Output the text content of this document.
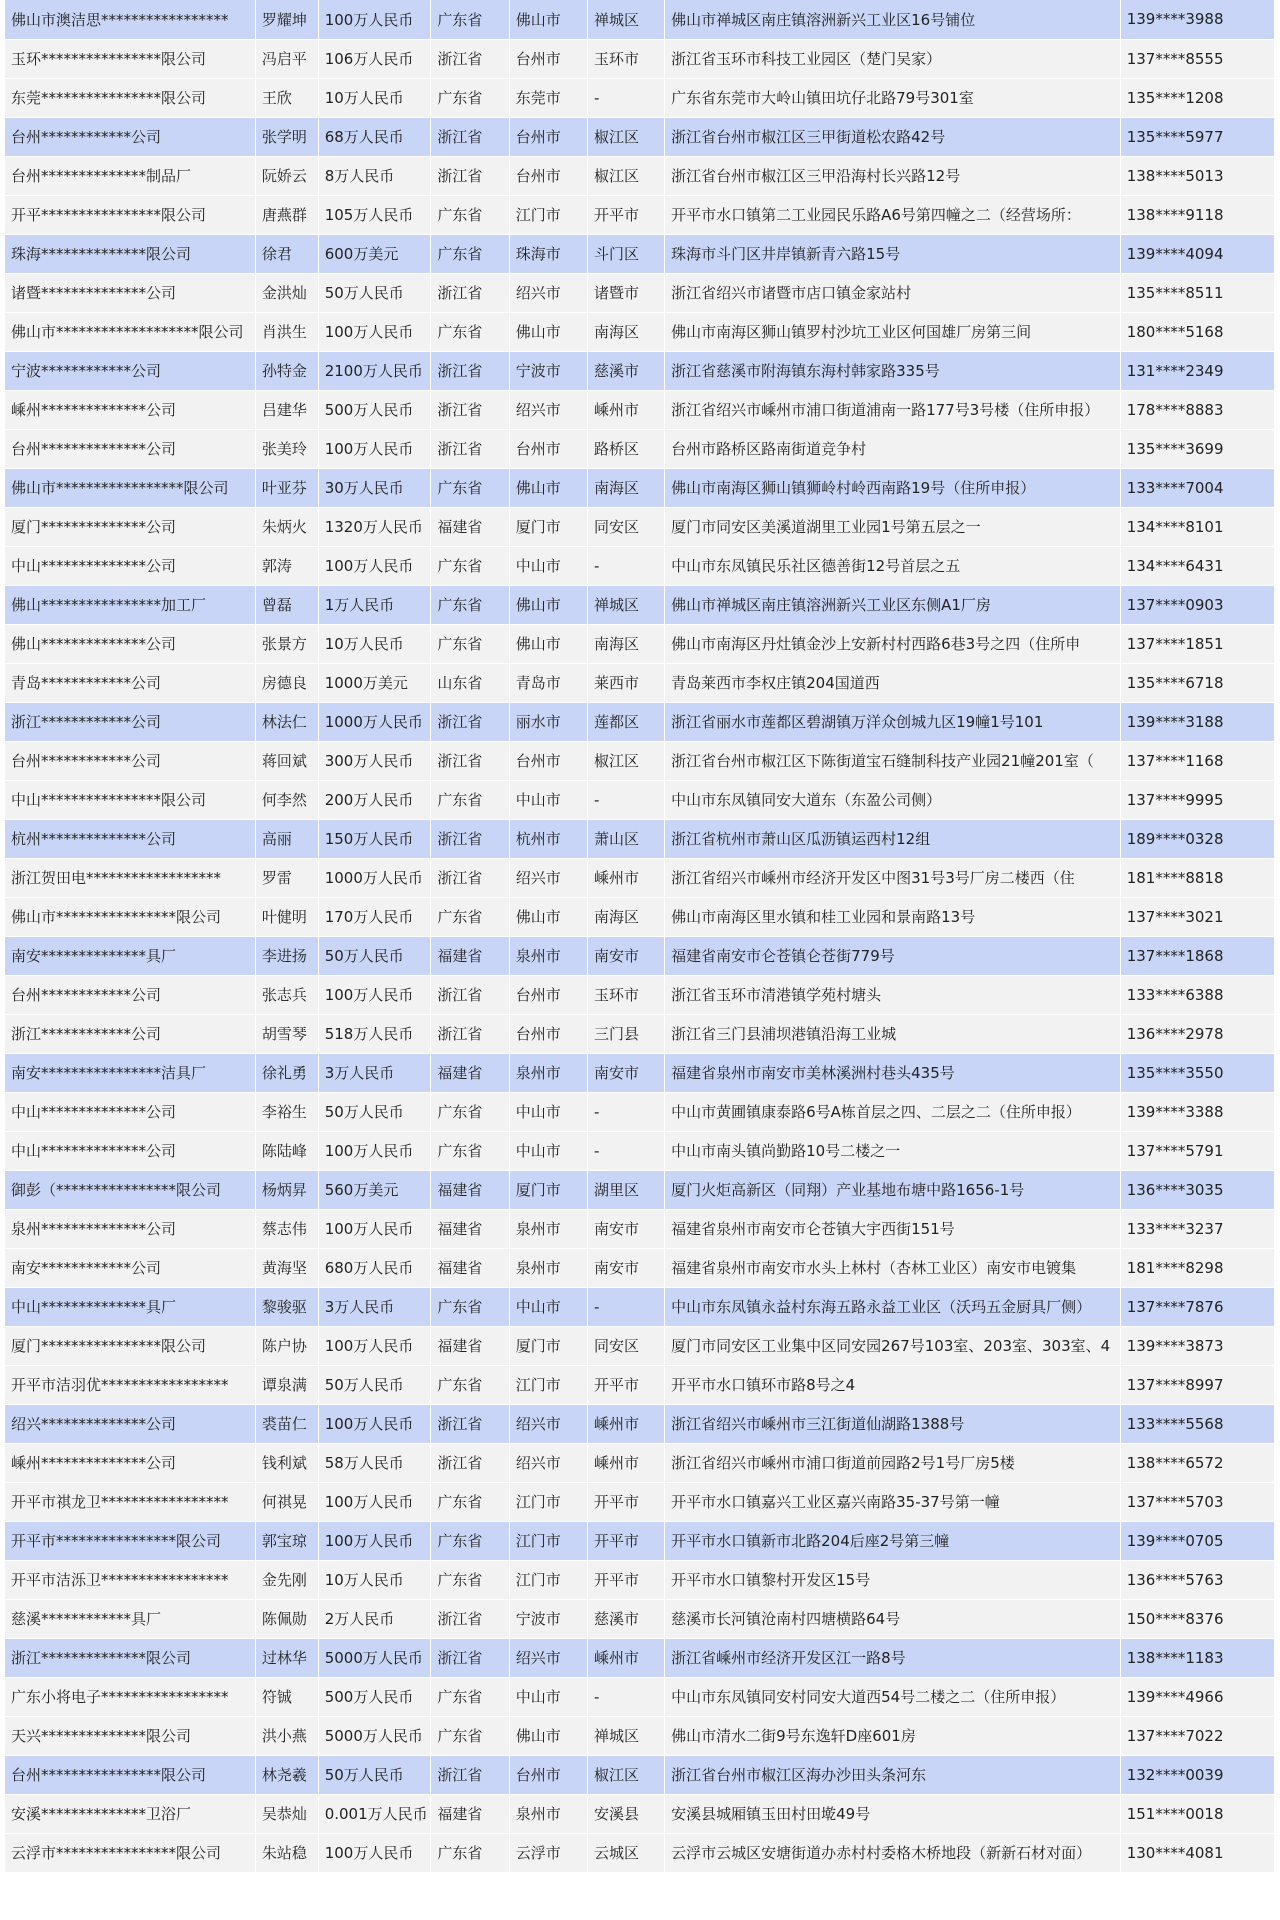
佛山市澳洁思*****************	罗耀坤	100万人民币	广东省	佛山市	禅城区	佛山市禅城区南庄镇溶洲新兴工业区16号铺位	139****3988
玉环****************限公司	冯启平	106万人民币	浙江省	台州市	玉环市	浙江省玉环市科技工业园区（楚门吴家）	137****8555
东莞****************限公司	王欣	10万人民币	广东省	东莞市	-	广东省东莞市大岭山镇田坑仔北路79号301室	135****1208
台州************公司	张学明	68万人民币	浙江省	台州市	椒江区	浙江省台州市椒江区三甲街道松农路42号	135****5977
台州**************制品厂	阮娇云	8万人民币	浙江省	台州市	椒江区	浙江省台州市椒江区三甲沿海村长兴路12号	138****5013
开平****************限公司	唐燕群	105万人民币	广东省	江门市	开平市	开平市水口镇第二工业园民乐路A6号第四幢之二（经营场所：	138****9118
珠海**************限公司	徐君	600万美元	广东省	珠海市	斗门区	珠海市斗门区井岸镇新青六路15号	139****4094
诸暨**************公司	金洪灿	50万人民币	浙江省	绍兴市	诸暨市	浙江省绍兴市诸暨市店口镇金家站村	135****8511
佛山市*******************限公司	肖洪生	100万人民币	广东省	佛山市	南海区	佛山市南海区狮山镇罗村沙坑工业区何国雄厂房第三间	180****5168
宁波************公司	孙特金	2100万人民币	浙江省	宁波市	慈溪市	浙江省慈溪市附海镇东海村韩家路335号	131****2349
嵊州**************公司	吕建华	500万人民币	浙江省	绍兴市	嵊州市	浙江省绍兴市嵊州市浦口街道浦南一路177号3号楼（住所申报）	178****8883
台州**************公司	张美玲	100万人民币	浙江省	台州市	路桥区	台州市路桥区路南街道竞争村	135****3699
佛山市*****************限公司	叶亚芬	30万人民币	广东省	佛山市	南海区	佛山市南海区狮山镇狮岭村岭西南路19号（住所申报）	133****7004
厦门**************公司	朱炳火	1320万人民币	福建省	厦门市	同安区	厦门市同安区美溪道湖里工业园1号第五层之一	134****8101
中山**************公司	郭涛	100万人民币	广东省	中山市	-	中山市东凤镇民乐社区德善街12号首层之五	134****6431
佛山****************加工厂	曾磊	1万人民币	广东省	佛山市	禅城区	佛山市禅城区南庄镇溶洲新兴工业区东侧A1厂房	137****0903
佛山**************公司	张景方	10万人民币	广东省	佛山市	南海区	佛山市南海区丹灶镇金沙上安新村村西路6巷3号之四（住所申	137****1851
青岛************公司	房德良	1000万美元	山东省	青岛市	莱西市	青岛莱西市李权庄镇204国道西	135****6718
浙江************公司	林法仁	1000万人民币	浙江省	丽水市	莲都区	浙江省丽水市莲都区碧湖镇万洋众创城九区19幢1号101	139****3188
台州************公司	蒋回斌	300万人民币	浙江省	台州市	椒江区	浙江省台州市椒江区下陈街道宝石缝制科技产业园21幢201室（	137****1168
中山****************限公司	何李然	200万人民币	广东省	中山市	-	中山市东凤镇同安大道东（东盈公司侧）	137****9995
杭州**************公司	高丽	150万人民币	浙江省	杭州市	萧山区	浙江省杭州市萧山区瓜沥镇运西村12组	189****0328
浙江贺田电******************	罗雷	1000万人民币	浙江省	绍兴市	嵊州市	浙江省绍兴市嵊州市经济开发区中图31号3号厂房二楼西（住	181****8818
佛山市****************限公司	叶健明	170万人民币	广东省	佛山市	南海区	佛山市南海区里水镇和桂工业园和景南路13号	137****3021
南安**************具厂	李进扬	50万人民币	福建省	泉州市	南安市	福建省南安市仑苍镇仑苍街779号	137****1868
台州************公司	张志兵	100万人民币	浙江省	台州市	玉环市	浙江省玉环市清港镇学苑村塘头	133****6388
浙江************公司	胡雪琴	518万人民币	浙江省	台州市	三门县	浙江省三门县浦坝港镇沿海工业城	136****2978
南安****************洁具厂	徐礼勇	3万人民币	福建省	泉州市	南安市	福建省泉州市南安市美林溪洲村巷头435号	135****3550
中山**************公司	李裕生	50万人民币	广东省	中山市	-	中山市黄圃镇康泰路6号A栋首层之四、二层之二（住所申报）	139****3388
中山**************公司	陈陆峰	100万人民币	广东省	中山市	-	中山市南头镇尚勤路10号二楼之一	137****5791
御彭（****************限公司	杨炳昇	560万美元	福建省	厦门市	湖里区	厦门火炬高新区（同翔）产业基地布塘中路1656-1号	136****3035
泉州**************公司	蔡志伟	100万人民币	福建省	泉州市	南安市	福建省泉州市南安市仑苍镇大宇西街151号	133****3237
南安************公司	黄海坚	680万人民币	福建省	泉州市	南安市	福建省泉州市南安市水头上林村（杏林工业区）南安市电镀集	181****8298
中山**************具厂	黎骏驱	3万人民币	广东省	中山市	-	中山市东凤镇永益村东海五路永益工业区（沃玛五金厨具厂侧）	137****7876
厦门****************限公司	陈户协	100万人民币	福建省	厦门市	同安区	厦门市同安区工业集中区同安园267号103室、203室、303室、4	139****3873
开平市洁羽优*****************	谭泉满	50万人民币	广东省	江门市	开平市	开平市水口镇环市路8号之4	137****8997
绍兴**************公司	裘苗仁	100万人民币	浙江省	绍兴市	嵊州市	浙江省绍兴市嵊州市三江街道仙湖路1388号	133****5568
嵊州**************公司	钱利斌	58万人民币	浙江省	绍兴市	嵊州市	浙江省绍兴市嵊州市浦口街道前园路2号1号厂房5楼	138****6572
开平市祺龙卫*****************	何祺晃	100万人民币	广东省	江门市	开平市	开平市水口镇嘉兴工业区嘉兴南路35-37号第一幢	137****5703
开平市****************限公司	郭宝琼	100万人民币	广东省	江门市	开平市	开平市水口镇新市北路204后座2号第三幢	139****0705
开平市洁泺卫*****************	金先刚	10万人民币	广东省	江门市	开平市	开平市水口镇黎村开发区15号	136****5763
慈溪************具厂	陈佩勋	2万人民币	浙江省	宁波市	慈溪市	慈溪市长河镇沧南村四塘横路64号	150****8376
浙江**************限公司	过林华	5000万人民币	浙江省	绍兴市	嵊州市	浙江省嵊州市经济开发区江一路8号	138****1183
广东小将电子*****************	符铖	500万人民币	广东省	中山市	-	中山市东凤镇同安村同安大道西54号二楼之二（住所申报）	139****4966
天兴**************限公司	洪小燕	5000万人民币	广东省	佛山市	禅城区	佛山市清水二街9号东逸轩D座601房	137****7022
台州****************限公司	林尧羲	50万人民币	浙江省	台州市	椒江区	浙江省台州市椒江区海办沙田头条河东	132****0039
安溪**************卫浴厂	吴恭灿	0.001万人民币	福建省	泉州市	安溪县	安溪县城厢镇玉田村田墘49号	151****0018
云浮市****************限公司	朱站稳	100万人民币	广东省	云浮市	云城区	云浮市云城区安塘街道办赤村村委格木桥地段（新新石材对面）	130****4081
